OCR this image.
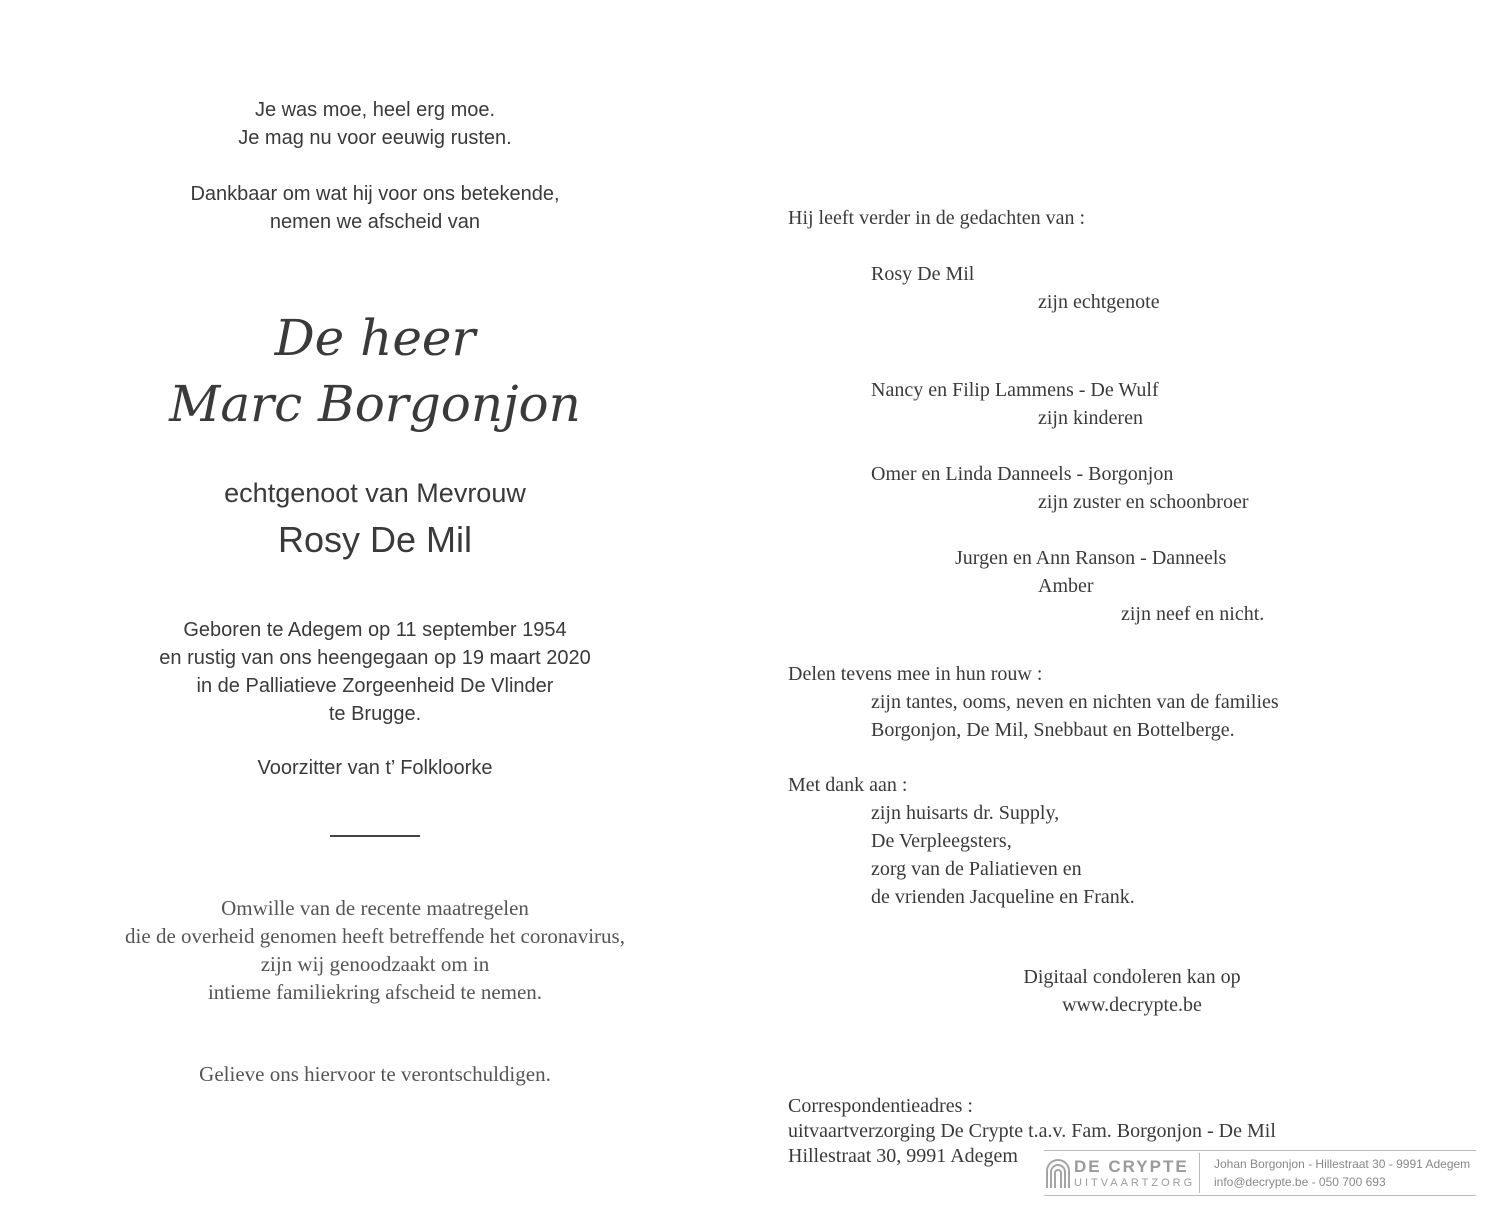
Je was moe, heel erg moe.
Je mag nu voor eeuwig rusten.
Dankbaar om wat hij voor ons betekende,
nemen we afscheid van
De heer
Marc Borgonjon
echtgenoot van Mevrouw
Rosy De Mil
Geboren te Adegem op 11 september 1954
en rustig van ons heengegaan op 19 maart 2020
in de Palliatieve Zorgeenheid De Vlinder
te Brugge.
Voorzitter van t’ Folkloorke
Omwille van de recente maatregelen
die de overheid genomen heeft betreffende het coronavirus,
zijn wij genoodzaakt om in
intieme familiekring afscheid te nemen.
Gelieve ons hiervoor te verontschuldigen.
Hij leeft verder in de gedachten van :
Rosy De Mil
zijn echtgenote
Nancy en Filip Lammens - De Wulf
zijn kinderen
Omer en Linda Danneels - Borgonjon
zijn zuster en schoonbroer
Jurgen en Ann Ranson - Danneels
Amber
zijn neef en nicht.
Delen tevens mee in hun rouw :
zijn tantes, ooms, neven en nichten van de families
Borgonjon, De Mil, Snebbaut en Bottelberge.
Met dank aan :
zijn huisarts dr. Supply,
De Verpleegsters,
zorg van de Paliatieven en
de vrienden Jacqueline en Frank.
Digitaal condoleren kan op
www.decrypte.be
Correspondentieadres :
uitvaartverzorging De Crypte t.a.v. Fam. Borgonjon - De Mil
Hillestraat 30, 9991 Adegem	DE CRYPTE
UITVAARTZORG
Johan Borgonjon - Hillestraat 30 - 9991 Adegem
info@decrypte.be - 050 700 693
